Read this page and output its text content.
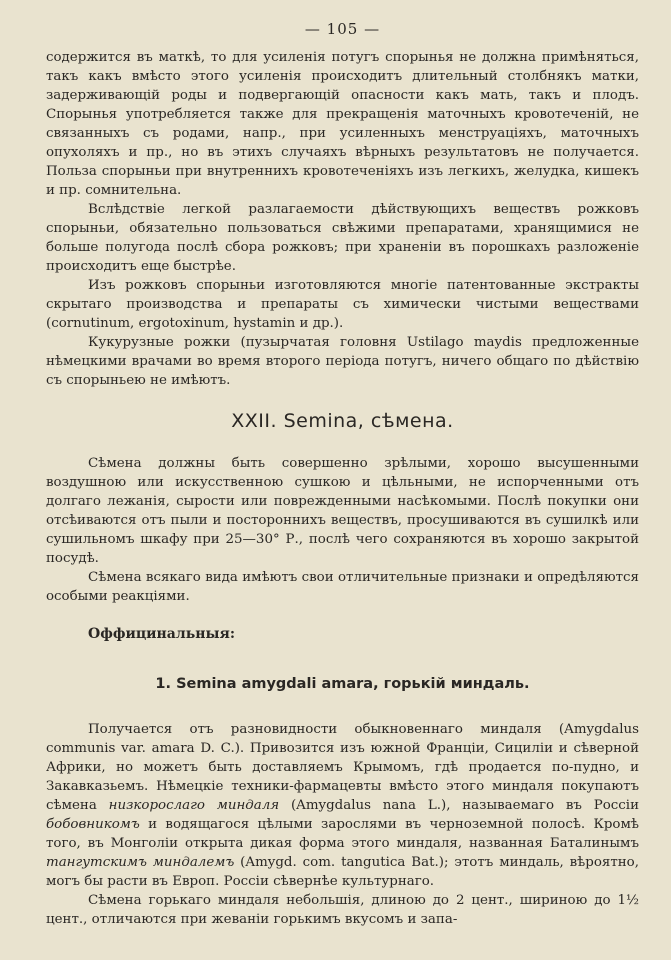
— 105 —

содержится въ маткѣ, то для усиленія потугъ спорынья не должна примѣняться, такъ какъ вмѣсто этого усиленія происходитъ длительный столбнякъ матки, задерживающій роды и подвергающій опасности какъ мать, такъ и плодъ. Спорынья употребляется также для прекращенія маточныхъ кровотеченій, не связанныхъ съ родами, напр., при усиленныхъ менструаціяхъ, маточныхъ опухоляхъ и пр., но въ этихъ случаяхъ вѣрныхъ результатовъ не получается. Польза спорыньи при внутреннихъ кровотеченіяхъ изъ легкихъ, желудка, кишекъ и пр. сомнительна.

Вслѣдствіе легкой разлагаемости дѣйствующихъ веществъ рожковъ спорыньи, обязательно пользоваться свѣжими препаратами, хранящимися не больше полугода послѣ сбора рожковъ; при храненіи въ порошкахъ разложеніе происходитъ еще быстрѣе.

Изъ рожковъ спорыньи изготовляются многіе патентованные экстракты скрытаго производства и препараты съ химически чистыми веществами (cornutinum, ergotoxinum, hystamin и др.).

Кукурузные рожки (пузырчатая головня Ustilago maydis предложенные нѣмецкими врачами во время второго періода потугъ, ничего общаго по дѣйствію съ спорыньею не имѣютъ.

XXII. Semina, сѣмена.

Сѣмена должны быть совершенно зрѣлыми, хорошо высушенными воздушною или искусственною сушкою и цѣльными, не испорченными отъ долгаго лежанія, сырости или поврежденными насѣкомыми. Послѣ покупки они отсѣиваются отъ пыли и постороннихъ веществъ, просушиваются въ сушилкѣ или сушильномъ шкафу при 25—30° Р., послѣ чего сохраняются въ хорошо закрытой посудѣ.

Сѣмена всякаго вида имѣютъ свои отличительные признаки и опредѣляются особыми реакціями.

Оффицинальныя:
1. Semina amygdali amara, горькій миндаль.

Получается отъ разновидности обыкновеннаго миндаля (Amygdalus communis var. amara D. C.). Привозится изъ южной Франціи, Сициліи и сѣверной Африки, но можетъ быть доставляемъ Крымомъ, гдѣ продается по-пудно, и Закавказьемъ. Нѣмецкіе техники-фармацевты вмѣсто этого миндаля покупаютъ сѣмена низкорослаго миндаля (Amygdalus nana L.), называемаго въ Россіи бобовникомъ и водящагося цѣлыми зарослями въ черноземной полосѣ. Кромѣ того, въ Монголіи открыта дикая форма этого миндаля, названная Баталинымъ тангутскимъ миндалемъ (Amygd. com. tangutica Bat.); этотъ миндаль, вѣроятно, могъ бы расти въ Европ. Россіи сѣвернѣе культурнаго.

Сѣмена горькаго миндаля небольшія, длиною до 2 цент., шириною до 1½ цент., отличаются при жеваніи горькимъ вкусомъ и запа-
